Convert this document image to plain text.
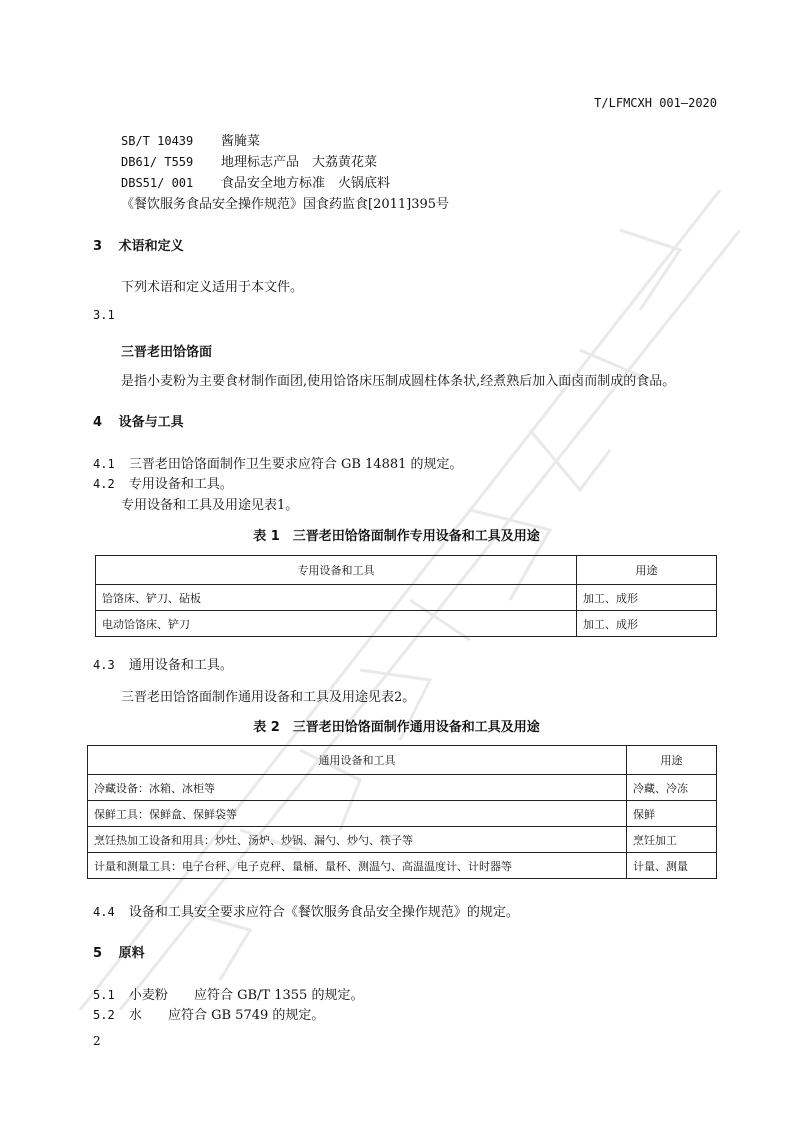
T/LFMCXH 001—2020
SB/T 10439 酱腌菜
DB61/ T559 地理标志产品　大荔黄花菜
DBS51/ 001 食品安全地方标准　火锅底料
《餐饮服务食品安全操作规范》国食药监食[2011]395号
3 术语和定义
下列术语和定义适用于本文件。
3.1
三晋老田饸饹面
是指小麦粉为主要食材制作面团,使用饸饹床压制成圆柱体条状,经煮熟后加入面卤而制成的食品。
4 设备与工具
4.1 三晋老田饸饹面制作卫生要求应符合 GB 14881 的规定。
4.2 专用设备和工具。
专用设备和工具及用途见表1。
表 1　三晋老田饸饹面制作专用设备和工具及用途
专用设备和工具	用途
饸饹床、铲刀、砧板	加工、成形
电动饸饹床、铲刀	加工、成形
4.3 通用设备和工具。
三晋老田饸饹面制作通用设备和工具及用途见表2。
表 2　三晋老田饸饹面制作通用设备和工具及用途
通用设备和工具	用途
冷藏设备：冰箱、冰柜等	冷藏、冷冻
保鲜工具：保鲜盒、保鲜袋等	保鲜
烹饪热加工设备和用具：炒灶、汤炉、炒锅、漏勺、炒勺、筷子等	烹饪加工
计量和测量工具：电子台秤、电子克秤、量桶、量杯、测温勺、高温温度计、计时器等	计量、测量
4.4 设备和工具安全要求应符合《餐饮服务食品安全操作规范》的规定。
5 原料
5.1 小麦粉 应符合 GB/T 1355 的规定。
5.2 水 应符合 GB 5749 的规定。
2
